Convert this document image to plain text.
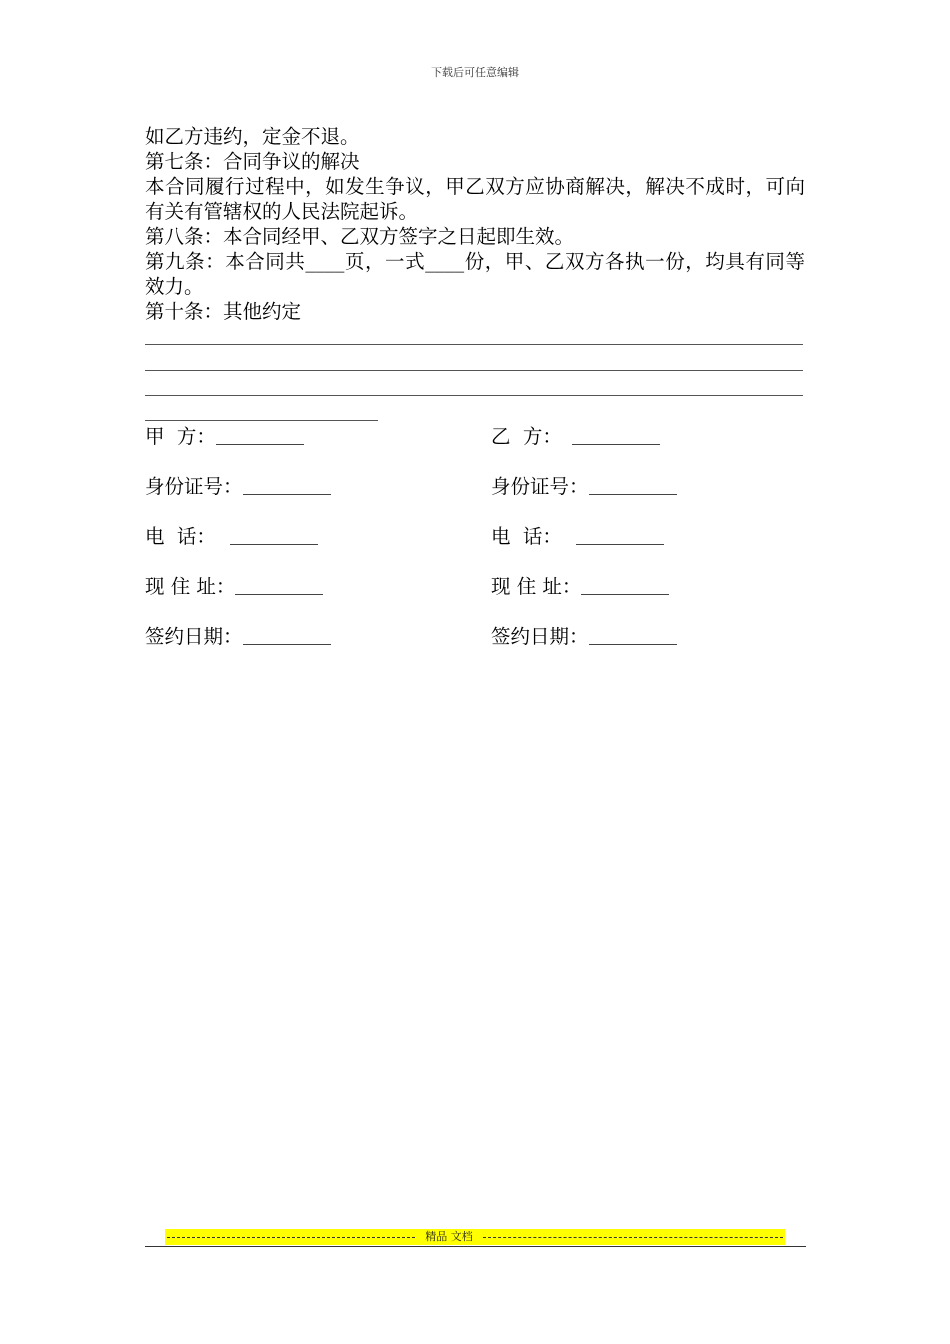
下载后可任意编辑

如乙方违约，定金不退。

第七条：合同争议的解决

本合同履行过程中，如发生争议，甲乙双方应协商解决，解决不成时，可向有关有管辖权的人民法院起诉。

第八条：本合同经甲、乙双方签字之日起即生效。

第九条：本合同共____页，一式____份，甲、乙双方各执一份，均具有同等效力。

第十条：其他约定

甲  方：	乙  方：
身份证号：	身份证号：
电  话：	电  话：
现 住 址：	现 住 址：
签约日期：	签约日期：
精品 文档
